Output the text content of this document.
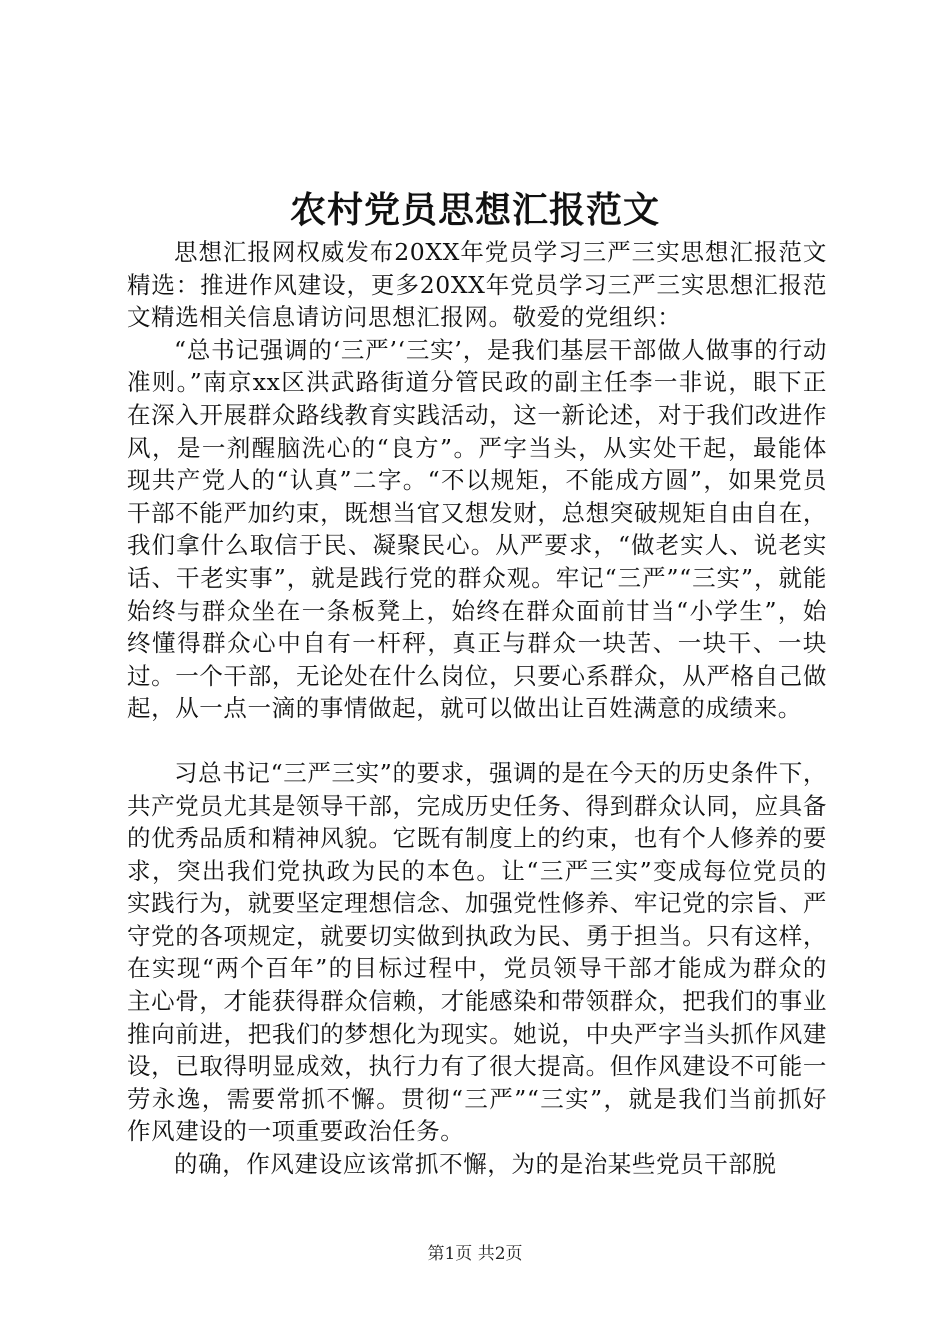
农村党员思想汇报范文

思想汇报网权威发布20XX年党员学习三严三实思想汇报范文精选：推进作风建设，更多20XX年党员学习三严三实思想汇报范文精选相关信息请访问思想汇报网。敬爱的党组织：

“总书记强调的‘三严’‘三实’，是我们基层干部做人做事的行动准则。”南京xx区洪武路街道分管民政的副主任李一非说，眼下正在深入开展群众路线教育实践活动，这一新论述，对于我们改进作风，是一剂醒脑洗心的“良方”。严字当头，从实处干起，最能体现共产党人的“认真”二字。“不以规矩，不能成方圆”，如果党员干部不能严加约束，既想当官又想发财，总想突破规矩自由自在，我们拿什么取信于民、凝聚民心。从严要求，“做老实人、说老实话、干老实事”，就是践行党的群众观。牢记“三严”“三实”，就能始终与群众坐在一条板凳上，始终在群众面前甘当“小学生”，始终懂得群众心中自有一杆秤，真正与群众一块苦、一块干、一块过。一个干部，无论处在什么岗位，只要心系群众，从严格自己做起，从一点一滴的事情做起，就可以做出让百姓满意的成绩来。

习总书记“三严三实”的要求，强调的是在今天的历史条件下，共产党员尤其是领导干部，完成历史任务、得到群众认同，应具备的优秀品质和精神风貌。它既有制度上的约束，也有个人修养的要求，突出我们党执政为民的本色。让“三严三实”变成每位党员的实践行为，就要坚定理想信念、加强党性修养、牢记党的宗旨、严守党的各项规定，就要切实做到执政为民、勇于担当。只有这样，在实现“两个百年”的目标过程中，党员领导干部才能成为群众的主心骨，才能获得群众信赖，才能感染和带领群众，把我们的事业推向前进，把我们的梦想化为现实。她说，中央严字当头抓作风建设，已取得明显成效，执行力有了很大提高。但作风建设不可能一劳永逸，需要常抓不懈。贯彻“三严”“三实”，就是我们当前抓好作风建设的一项重要政治任务。

的确，作风建设应该常抓不懈，为的是治某些党员干部脱

第1页 共2页
